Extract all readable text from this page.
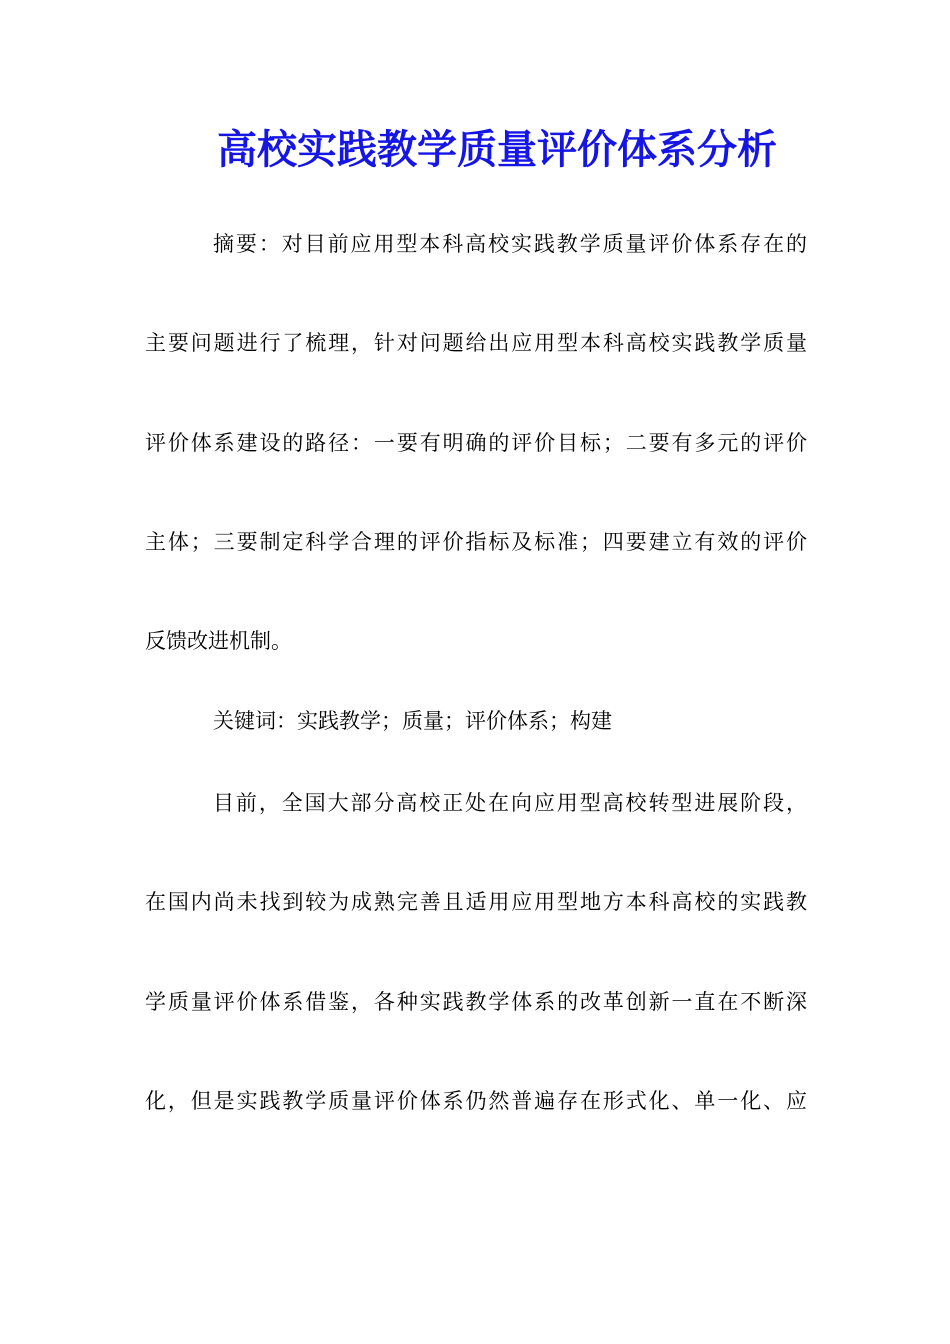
高校实践教学质量评价体系分析
摘要：对目前应用型本科高校实践教学质量评价体系存在的
主要问题进行了梳理，针对问题给出应用型本科高校实践教学质量
评价体系建设的路径：一要有明确的评价目标；二要有多元的评价
主体；三要制定科学合理的评价指标及标准；四要建立有效的评价
反馈改进机制。
关键词：实践教学；质量；评价体系；构建
目前，全国大部分高校正处在向应用型高校转型进展阶段，
在国内尚未找到较为成熟完善且适用应用型地方本科高校的实践教
学质量评价体系借鉴，各种实践教学体系的改革创新一直在不断深
化，但是实践教学质量评价体系仍然普遍存在形式化、单一化、应
